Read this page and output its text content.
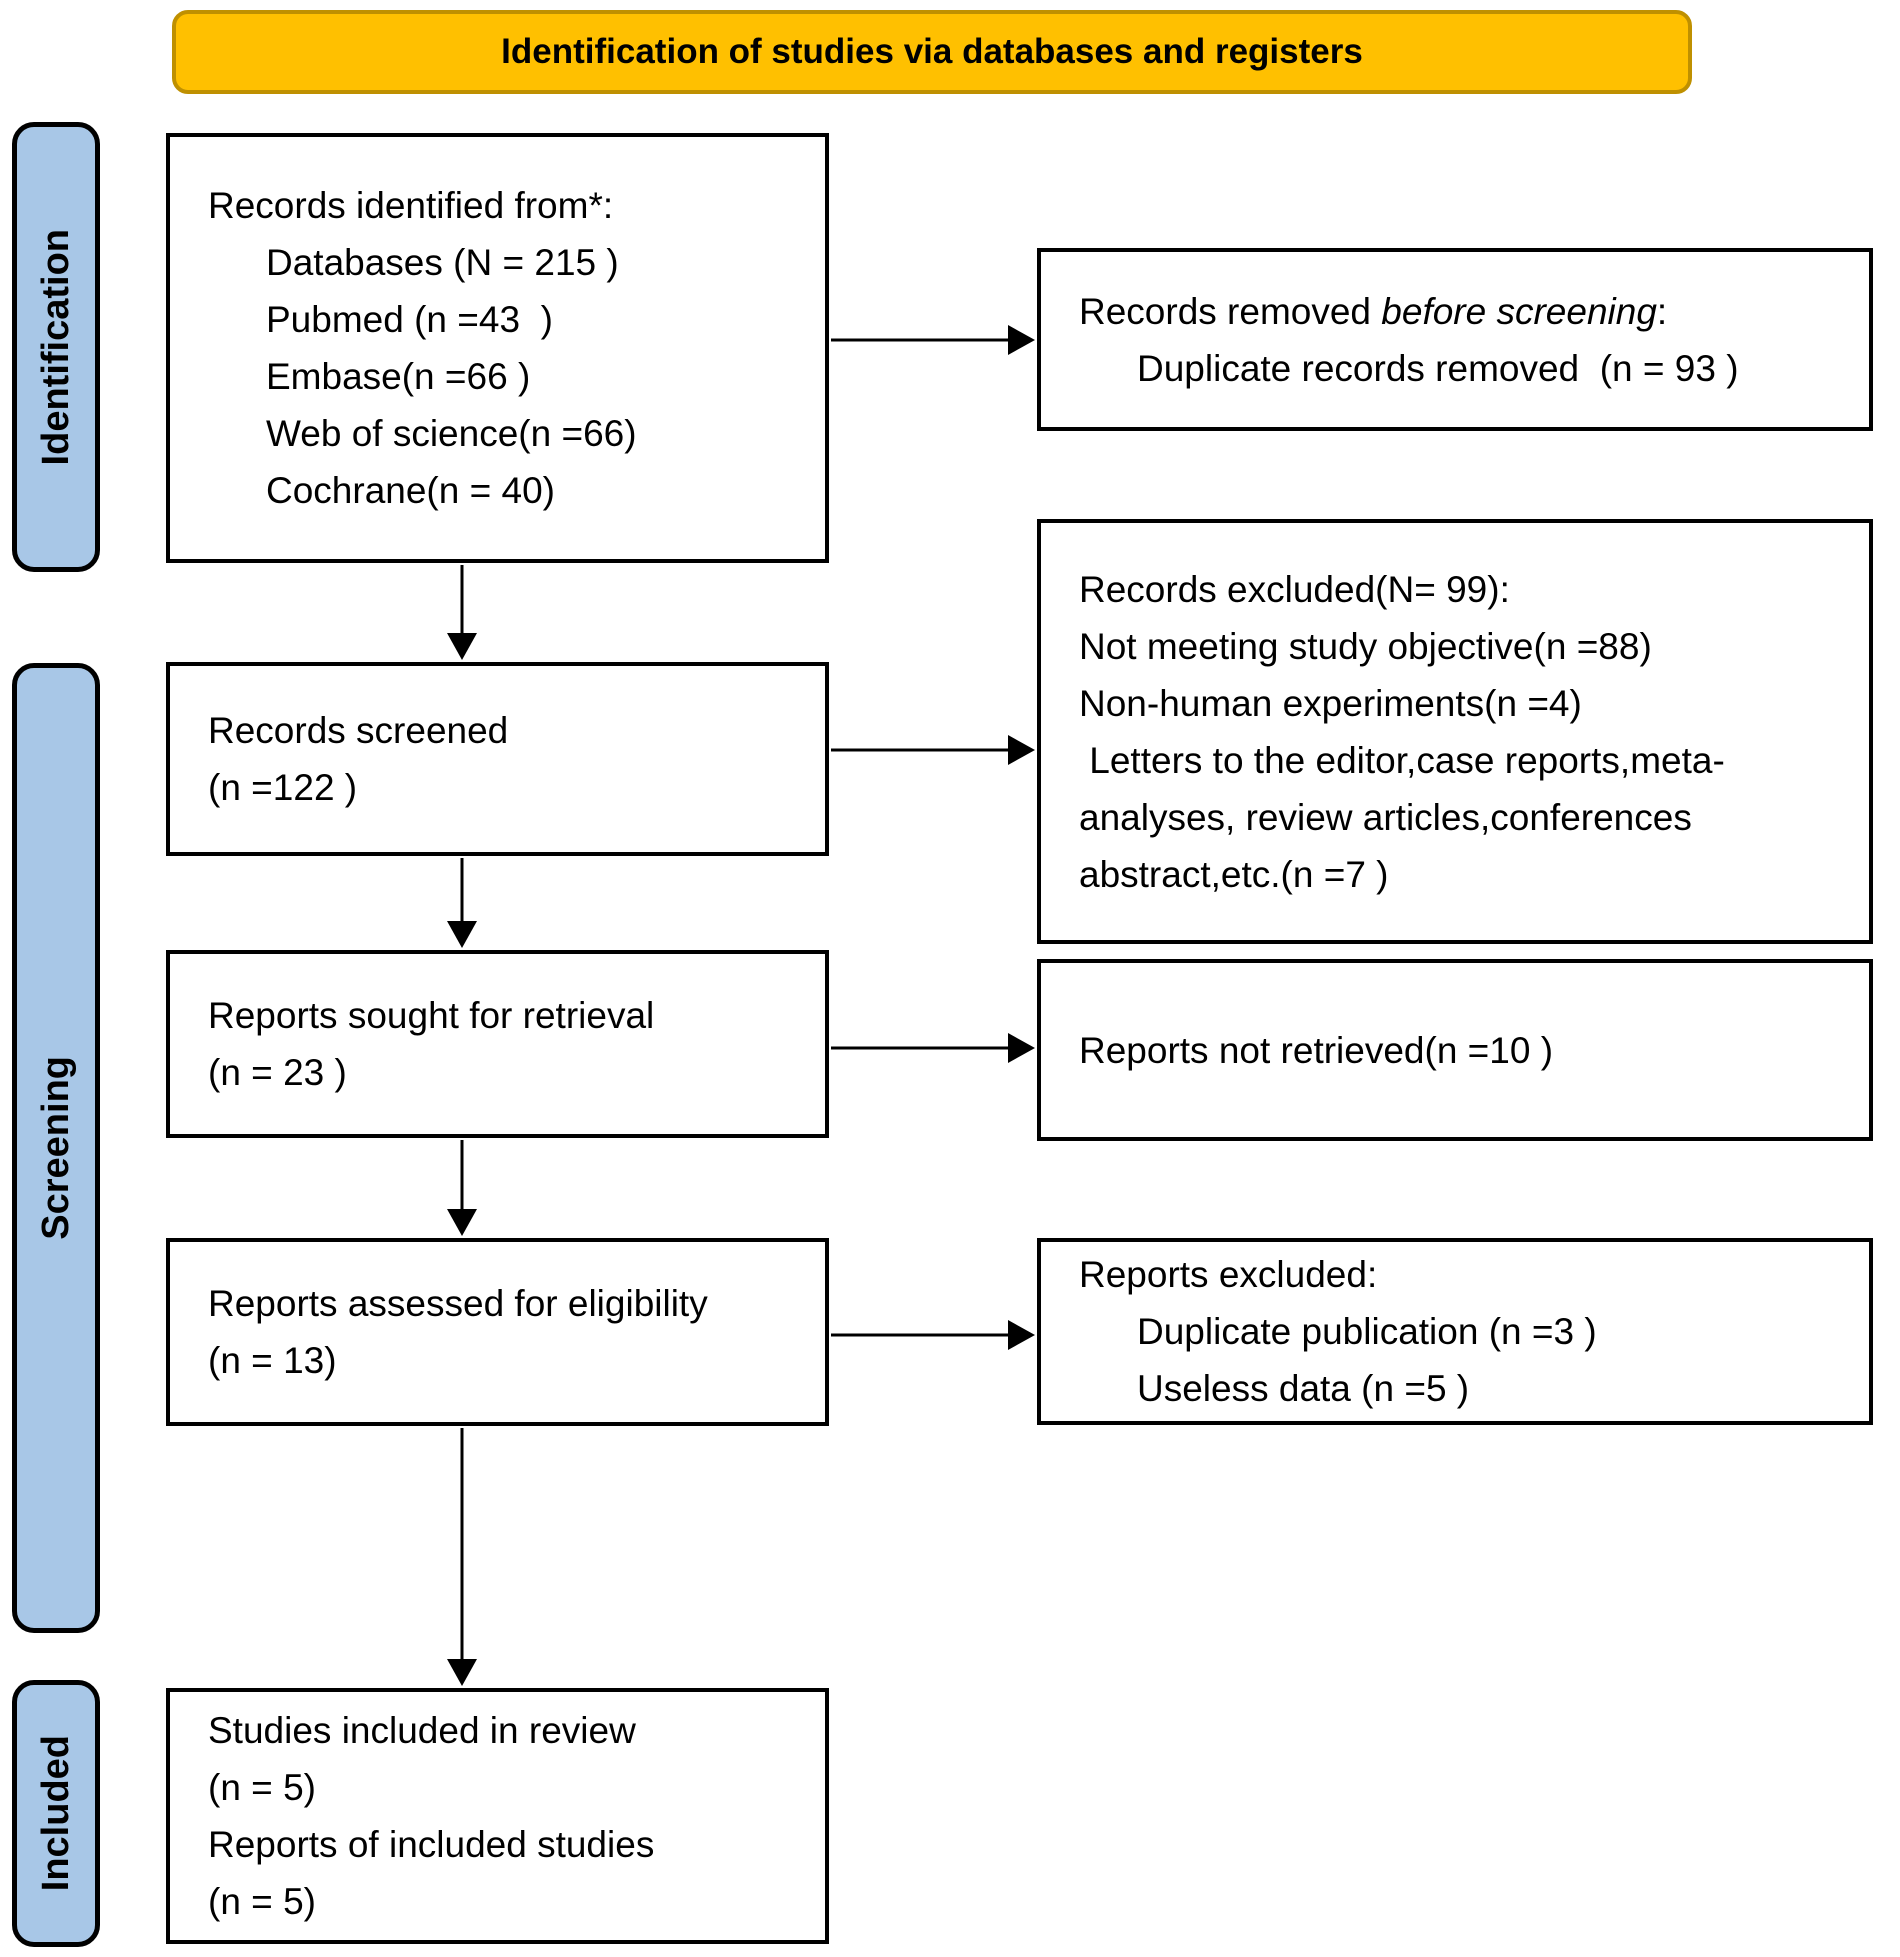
Identification of studies via databases and registers
Identification
Screening
Included
Records identified from*:
Databases (N = 215 )
Pubmed (n =43  )
Embase(n =66 )
Web of science(n =66)
Cochrane(n = 40)
Records screened
(n =122 )
Reports sought for retrieval
(n = 23 )
Reports assessed for eligibility
(n = 13)
Studies included in review
(n = 5)
Reports of included studies
(n = 5)
Records removed before screening:
Duplicate records removed  (n = 93 )
Records excluded(N= 99):
Not meeting study objective(n =88)
Non-human experiments(n =4)
Letters to the editor,case reports,meta-
analyses, review articles,conferences
abstract,etc.(n =7 )
Reports not retrieved(n =10 )
Reports excluded:
Duplicate publication (n =3 )
Useless data (n =5 )
